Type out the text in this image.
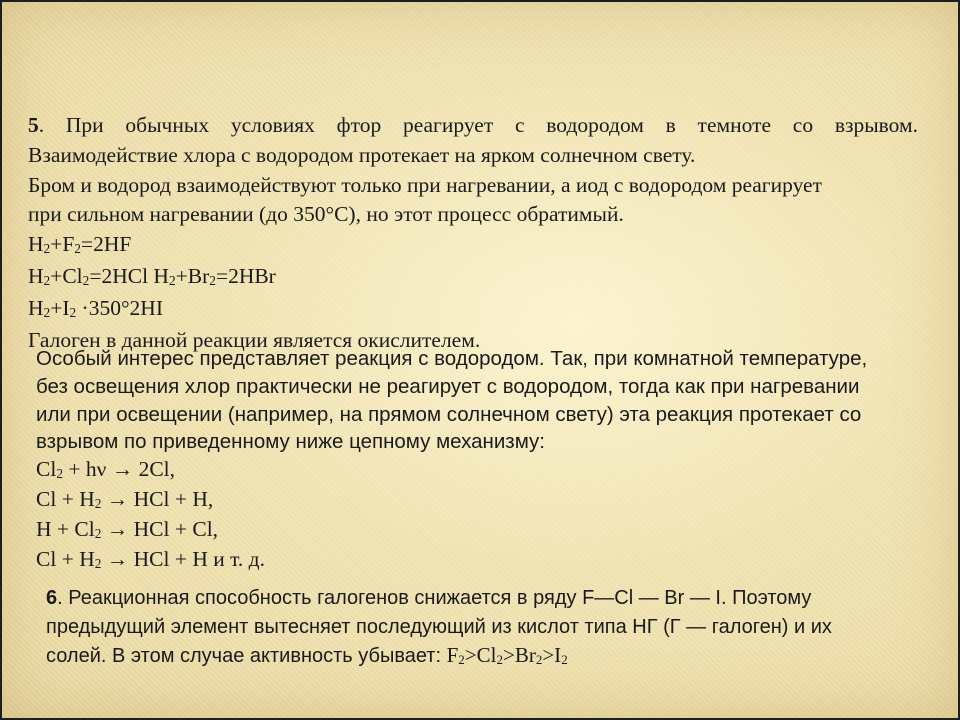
5. При обычных условиях фтор реагирует с водородом в темноте со взрывом.
Взаимодействие хлора с водородом протекает на ярком солнечном свету.
Бром и водород взаимодействуют только при нагревании, а иод с водородом реагирует
при сильном нагревании (до 350°С), но этот процесс обратимый.
H2+F2=2HF
H2+Cl2=2HCl H2+Br2=2HBr
H2+I2 ·350°2HI
Галоген в данной реакции является окислителем.
Особый интерес представляет реакция с водородом. Так, при комнатной температуре,
без освещения хлор практически не реагирует с водородом, тогда как при нагревании
или при освещении (например, на прямом солнечном свету) эта реакция протекает со
взрывом по приведенному ниже цепному механизму:
Cl2 + hν → 2Cl,
Cl + H2 → HCl + H,
H + Cl2 → HCl + Cl,
Cl + H2 → HCl + H и т. д.
6. Реакционная способность галогенов снижается в ряду F—Cl — Br — I. Поэтому
предыдущий элемент вытесняет последующий из кислот типа НГ (Г — галоген) и их
солей. В этом случае активность убывает: F2>Cl2>Br2>I2
